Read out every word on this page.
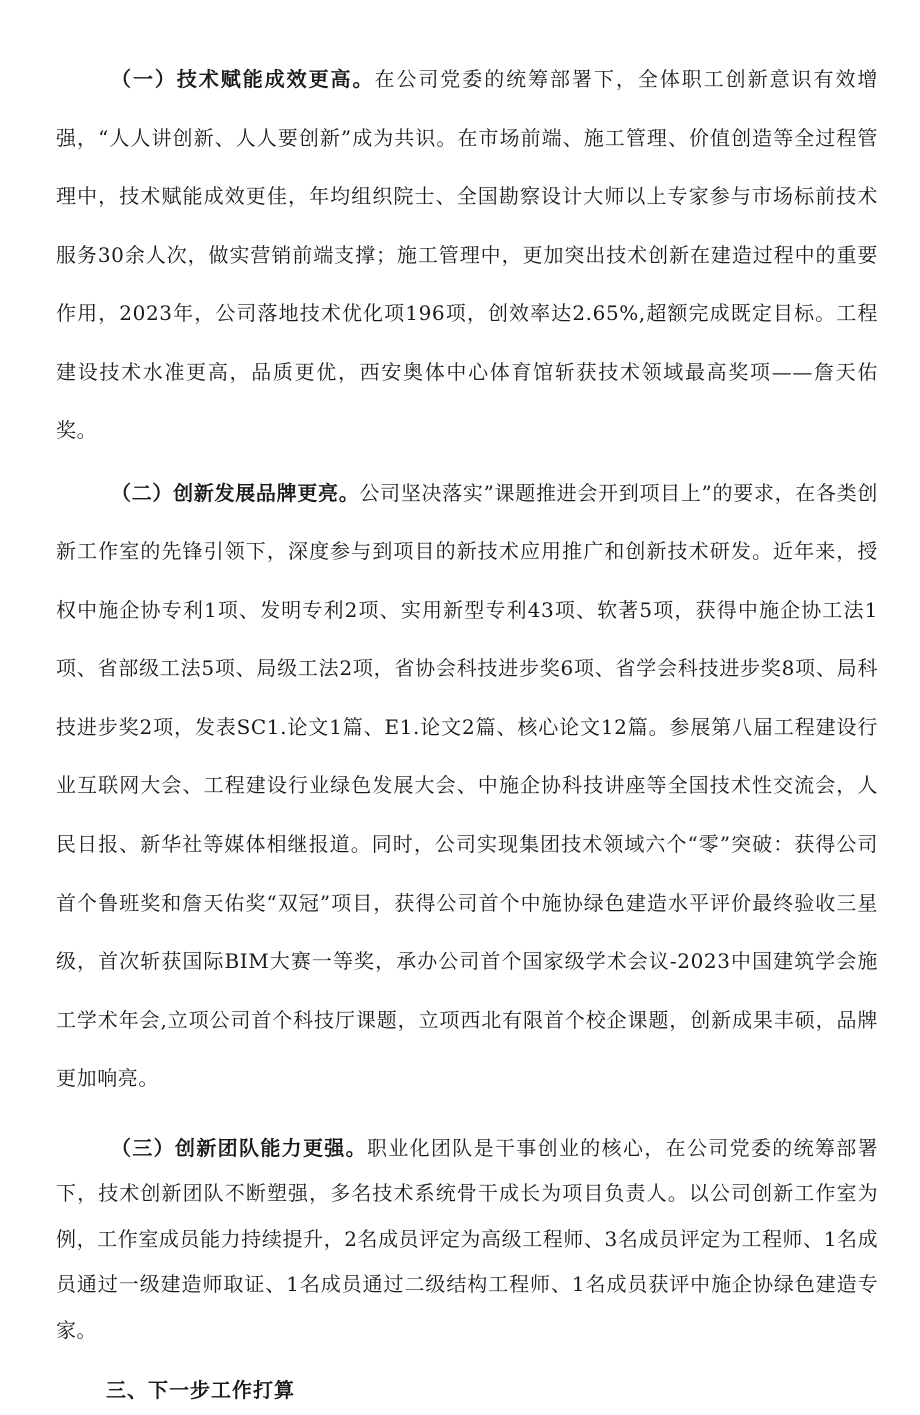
（一）技术赋能成效更高。在公司党委的统筹部署下，全体职工创新意识有效增强，“人人讲创新、人人要创新”成为共识。在市场前端、施工管理、价值创造等全过程管理中，技术赋能成效更佳，年均组织院士、全国勘察设计大师以上专家参与市场标前技术服务30余人次，做实营销前端支撑；施工管理中，更加突出技术创新在建造过程中的重要作用，2023年，公司落地技术优化项196项，创效率达2.65%,超额完成既定目标。工程建设技术水准更高，品质更优，西安奥体中心体育馆斩获技术领域最高奖项——詹天佑奖。

（二）创新发展品牌更亮。公司坚决落实”课题推进会开到项目上”的要求，在各类创新工作室的先锋引领下，深度参与到项目的新技术应用推广和创新技术研发。近年来，授权中施企协专利1项、发明专利2项、实用新型专利43项、软著5项，获得中施企协工法1项、省部级工法5项、局级工法2项，省协会科技进步奖6项、省学会科技进步奖8项、局科技进步奖2项，发表SC1.论文1篇、E1.论文2篇、核心论文12篇。参展第八届工程建设行业互联网大会、工程建设行业绿色发展大会、中施企协科技讲座等全国技术性交流会，人民日报、新华社等媒体相继报道。同时，公司实现集团技术领域六个“零”突破：获得公司首个鲁班奖和詹天佑奖“双冠”项目，获得公司首个中施协绿色建造水平评价最终验收三星级，首次斩获国际BIM大赛一等奖，承办公司首个国家级学术会议-2023中国建筑学会施工学术年会,立项公司首个科技厅课题，立项西北有限首个校企课题，创新成果丰硕，品牌更加响亮。

（三）创新团队能力更强。职业化团队是干事创业的核心，在公司党委的统筹部署下，技术创新团队不断塑强，多名技术系统骨干成长为项目负责人。以公司创新工作室为例，工作室成员能力持续提升，2名成员评定为高级工程师、3名成员评定为工程师、1名成员通过一级建造师取证、1名成员通过二级结构工程师、1名成员获评中施企协绿色建造专家。

三、下一步工作打算
